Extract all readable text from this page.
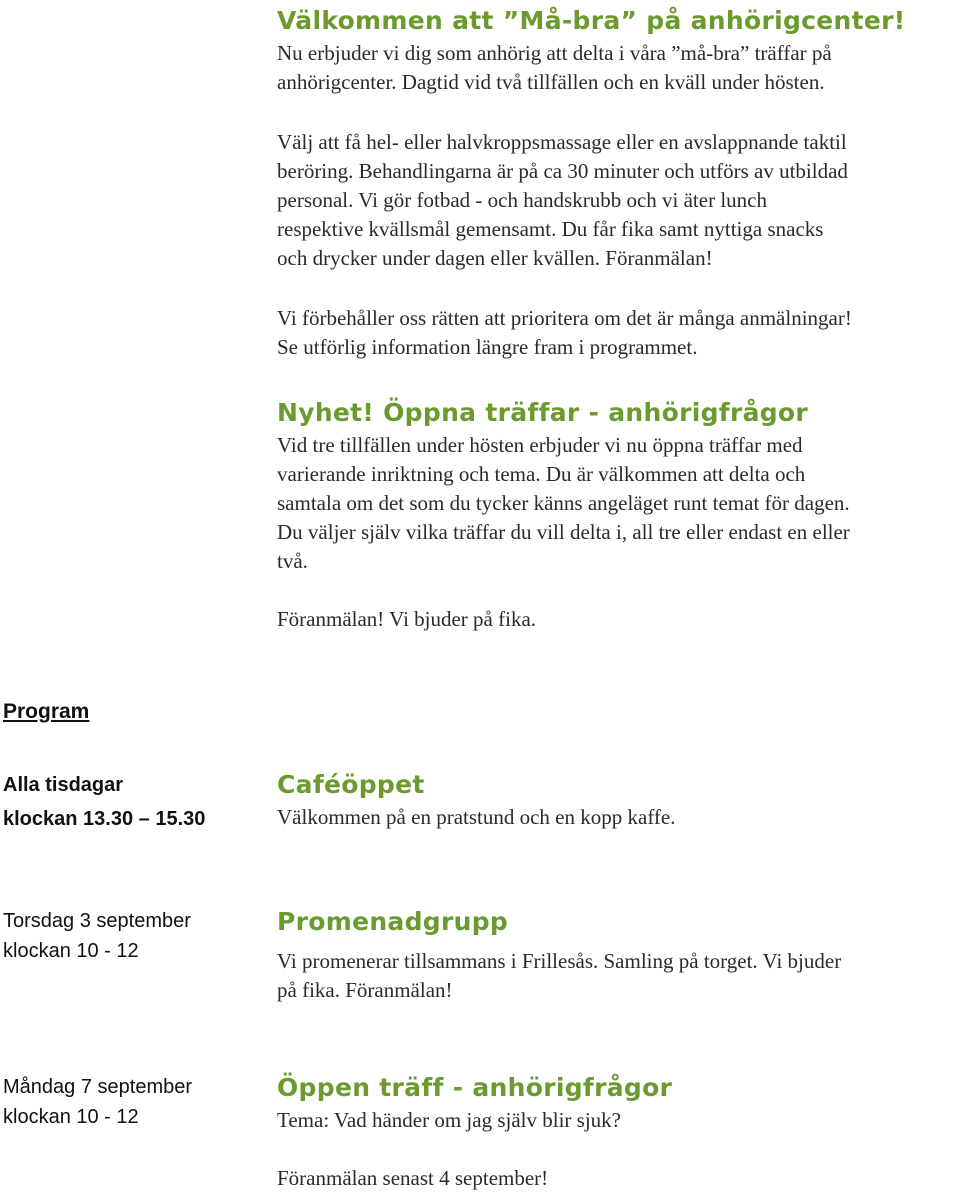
Välkommen att ”Må-bra” på anhörigcenter!

Nu erbjuder vi dig som anhörig att delta i våra ”må-bra” träffar på

anhörigcenter. Dagtid vid två tillfällen och en kväll under hösten.

Välj att få hel- eller halvkroppsmassage eller en avslappnande taktil

beröring. Behandlingarna är på ca 30 minuter och utförs av utbildad

personal. Vi gör fotbad - och handskrubb och vi äter lunch

respektive kvällsmål gemensamt. Du får fika samt nyttiga snacks

och drycker under dagen eller kvällen. Föranmälan!

Vi förbehåller oss rätten att prioritera om det är många anmälningar!

Se utförlig information längre fram i programmet.

Nyhet! Öppna träffar - anhörigfrågor

Vid tre tillfällen under hösten erbjuder vi nu öppna träffar med

varierande inriktning och tema. Du är välkommen att delta och

samtala om det som du tycker känns angeläget runt temat för dagen.

Du väljer själv vilka träffar du vill delta i, all tre eller endast en eller

två.

Föranmälan! Vi bjuder på fika.
Program
Alla tisdagar
klockan 13.30 – 15.30
Caféöppet

Välkommen på en pratstund och en kopp kaffe.

Torsdag 3 september
klockan 10 - 12
Promenadgrupp

Vi promenerar tillsammans i Frillesås. Samling på torget. Vi bjuder

på fika. Föranmälan!

Måndag 7 september
klockan 10 - 12
Öppen träff - anhörigfrågor

Tema: Vad händer om jag själv blir sjuk?

Föranmälan senast 4 september!
